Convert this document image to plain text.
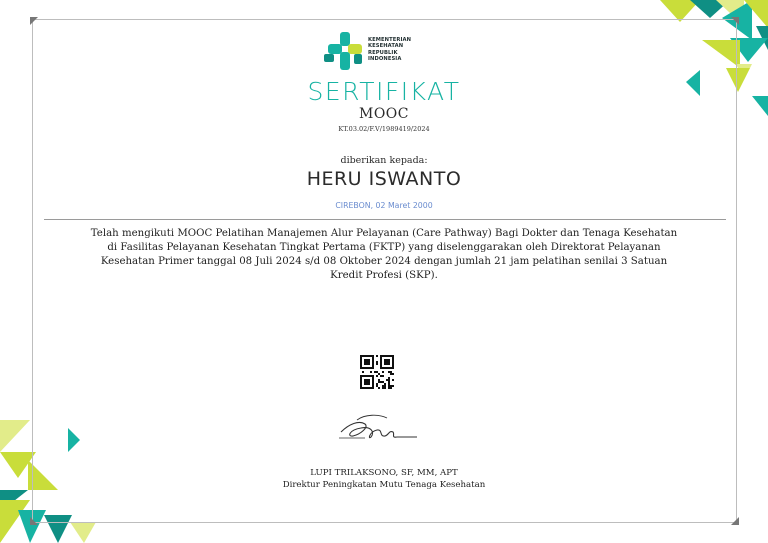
KEMENTERIAN
KESEHATAN
REPUBLIK
INDONESIA
SERTIFIKAT
MOOC
KT.03.02/F.V/1989419/2024
diberikan kepada:
HERU ISWANTO
CIREBON, 02 Maret 2000
Telah mengikuti MOOC Pelatihan Manajemen Alur Pelayanan (Care Pathway) Bagi Dokter dan Tenaga Kesehatan di Fasilitas Pelayanan Kesehatan Tingkat Pertama (FKTP) yang diselenggarakan oleh Direktorat Pelayanan Kesehatan Primer tanggal 08 Juli 2024 s/d 08 Oktober 2024 dengan jumlah 21 jam pelatihan senilai 3 Satuan Kredit Profesi (SKP).
LUPI TRILAKSONO, SF, MM, APT
Direktur Peningkatan Mutu Tenaga Kesehatan
